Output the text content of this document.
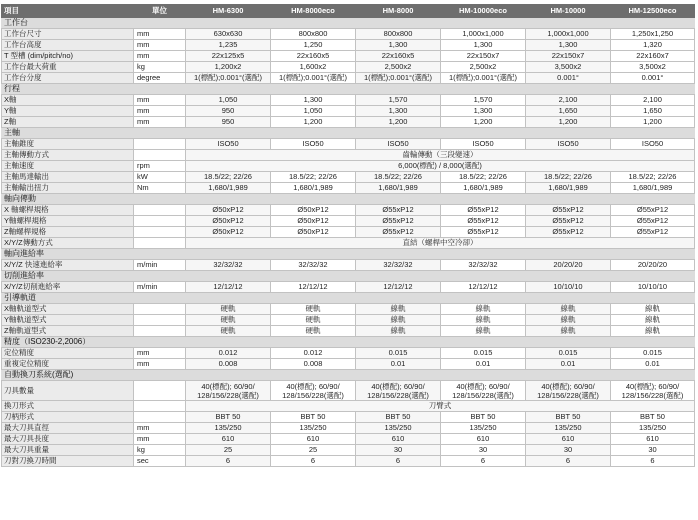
項目	單位	HM-6300	HM-8000eco	HM-8000	HM-10000eco	HM-10000	HM-12500eco
工作台							
工作台尺寸	mm	630x630	800x800	800x800	1,000x1,000	1,000x1,000	1,250x1,250
工作台高度	mm	1,235	1,250	1,300	1,300	1,300	1,320
T 型槽 (dim/pitch/no)	mm	22x125x5	22x160x5	22x160x5	22x150x7	22x150x7	22x160x7
工作台最大荷重	kg	1,200x2	1,600x2	2,500x2	2,500x2	3,500x2	3,500x2
工作台分度	degree	1(標配);0.001°(選配)	1(標配);0.001°(選配)	1(標配);0.001°(選配)	1(標配);0.001°(選配)	0.001°	0.001°
行程							
X軸	mm	1,050	1,300	1,570	1,570	2,100	2,100
Y軸	mm	950	1,050	1,300	1,300	1,650	1,650
Z軸	mm	950	1,200	1,200	1,200	1,200	1,200
主軸							
主軸錐度		ISO50	ISO50	ISO50	ISO50	ISO50	ISO50
主軸傳動方式		齒輪傳動（三段變速）					
主軸速度	rpm	6,000(標配) / 8,000(選配)					
主軸馬達輸出	kW	18.5/22; 22/26	18.5/22; 22/26	18.5/22; 22/26	18.5/22; 22/26	18.5/22; 22/26	18.5/22; 22/26
主軸輸出扭力	Nm	1,680/1,989	1,680/1,989	1,680/1,989	1,680/1,989	1,680/1,989	1,680/1,989
軸向傳動							
X 軸螺桿規格		Ø50xP12	Ø50xP12	Ø55xP12	Ø55xP12	Ø55xP12	Ø55xP12
Y軸螺桿規格		Ø50xP12	Ø50xP12	Ø55xP12	Ø55xP12	Ø55xP12	Ø55xP12
Z軸螺桿規格		Ø50xP12	Ø50xP12	Ø55xP12	Ø55xP12	Ø55xP12	Ø55xP12
X/Y/Z傳動方式		直結（螺桿中空冷卻）					
軸向進給率							
X/Y/Z 快速進給率	m/min	32/32/32	32/32/32	32/32/32	32/32/32	20/20/20	20/20/20
切削進給率							
X/Y/Z切削進給率	m/min	12/12/12	12/12/12	12/12/12	12/12/12	10/10/10	10/10/10
引導軌道							
X軸軌道型式		硬軌	硬軌	線軌	線軌	線軌	線軌
Y軸軌道型式		硬軌	硬軌	線軌	線軌	線軌	線軌
Z軸軌道型式		硬軌	硬軌	線軌	線軌	線軌	線軌
精度（ISO230-2,2006）							
定位精度	mm	0.012	0.012	0.015	0.015	0.015	0.015
重複定位精度	mm	0.008	0.008	0.01	0.01	0.01	0.01
自動換刀系統(選配)							
刀具數量		40(標配); 60/90/ 128/156/228(選配)	40(標配); 60/90/ 128/156/228(選配)	40(標配); 60/90/ 128/156/228(選配)	40(標配); 60/90/ 128/156/228(選配)	40(標配); 60/90/ 128/156/228(選配)	40(標配); 60/90/ 128/156/228(選配)
換刀形式		刀臂式					
刀柄形式		BBT 50	BBT 50	BBT 50	BBT 50	BBT 50	BBT 50
最大刀具直徑	mm	135/250	135/250	135/250	135/250	135/250	135/250
最大刀具長度	mm	610	610	610	610	610	610
最大刀具重量	kg	25	25	30	30	30	30
刀對刀換刀時間	sec	6	6	6	6	6	6
